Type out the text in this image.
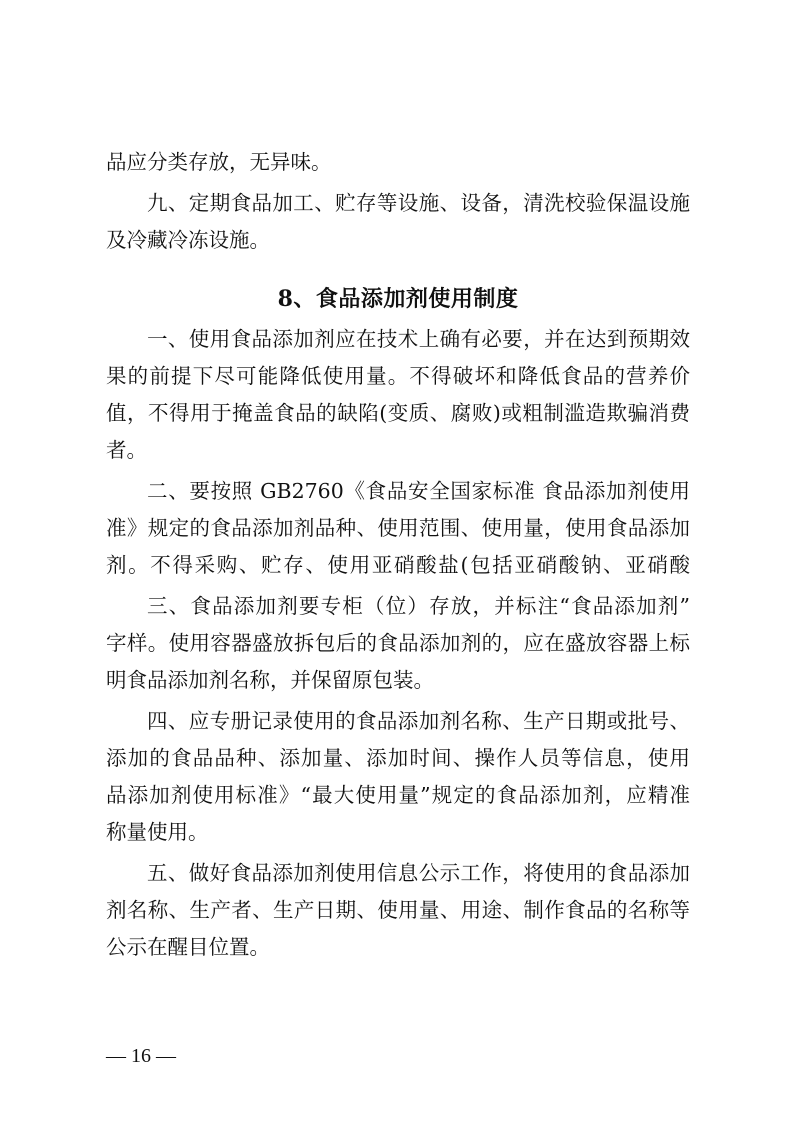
品应分类存放，无异味。
九、定期食品加工、贮存等设施、设备，清洗校验保温设施
及冷藏冷冻设施。
8、食品添加剂使用制度
一、使用食品添加剂应在技术上确有必要，并在达到预期效
果的前提下尽可能降低使用量。不得破坏和降低食品的营养价
值，不得用于掩盖食品的缺陷(变质、腐败)或粗制滥造欺骗消费
者。
二、要按照 GB2760《食品安全国家标准 食品添加剂使用
准》规定的食品添加剂品种、使用范围、使用量，使用食品添加
剂。不得采购、贮存、使用亚硝酸盐(包括亚硝酸钠、亚硝酸
三、食品添加剂要专柜（位）存放，并标注“食品添加剂”
字样。使用容器盛放拆包后的食品添加剂的，应在盛放容器上标
明食品添加剂名称，并保留原包装。
四、应专册记录使用的食品添加剂名称、生产日期或批号、
添加的食品品种、添加量、添加时间、操作人员等信息，使用
品添加剂使用标准》“最大使用量”规定的食品添加剂，应精准
称量使用。
五、做好食品添加剂使用信息公示工作，将使用的食品添加
剂名称、生产者、生产日期、使用量、用途、制作食品的名称等
公示在醒目位置。
— 16 —
